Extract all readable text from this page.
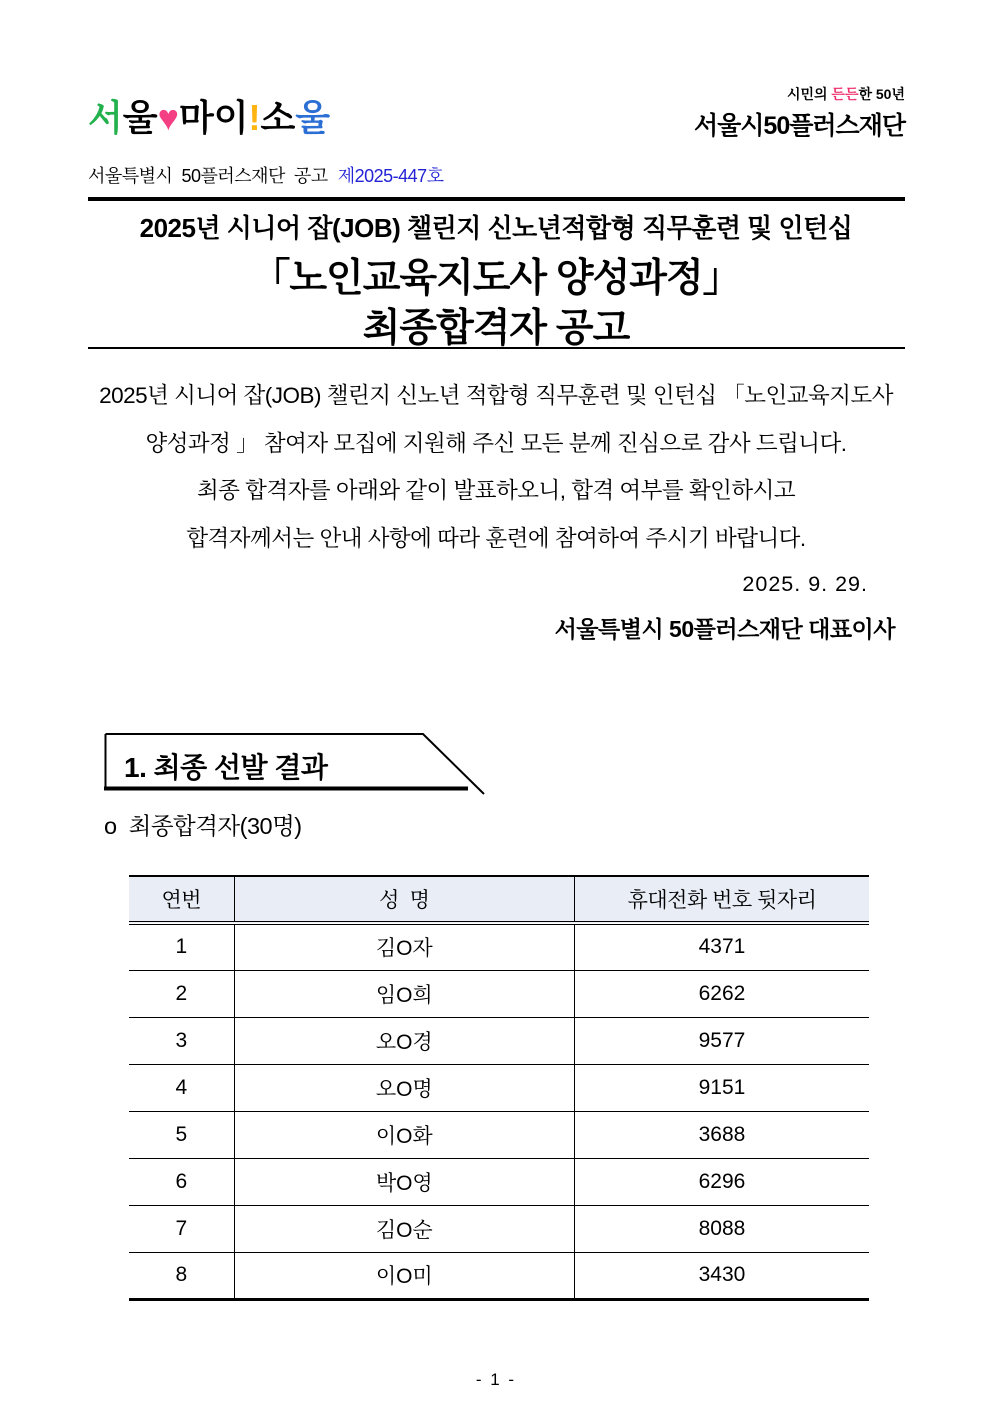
서울♥마이!소울
시민의 든든한 50년
서울시50플러스재단
서울특별시  50플러스재단  공고 제2025-447호
2025년 시니어 잡(JOB) 챌린지 신노년적합형 직무훈련 및 인턴십
「노인교육지도사 양성과정」
최종합격자 공고
2025년 시니어 잡(JOB) 챌린지 신노년 적합형 직무훈련 및 인턴십 「노인교육지도사
양성과정 」 참여자 모집에 지원해 주신 모든 분께 진심으로 감사 드립니다.
최종 합격자를 아래와 같이 발표하오니, 합격 여부를 확인하시고
합격자께서는 안내 사항에 따라 훈련에 참여하여 주시기 바랍니다.
2025. 9. 29.
서울특별시 50플러스재단 대표이사
1. 최종 선발 결과
o  최종합격자(30명)
연번	성  명	휴대전화 번호 뒷자리
1	김O자	4371
2	임O희	6262
3	오O경	9577
4	오O명	9151
5	이O화	3688
6	박O영	6296
7	김O순	8088
8	이O미	3430
- 1 -
